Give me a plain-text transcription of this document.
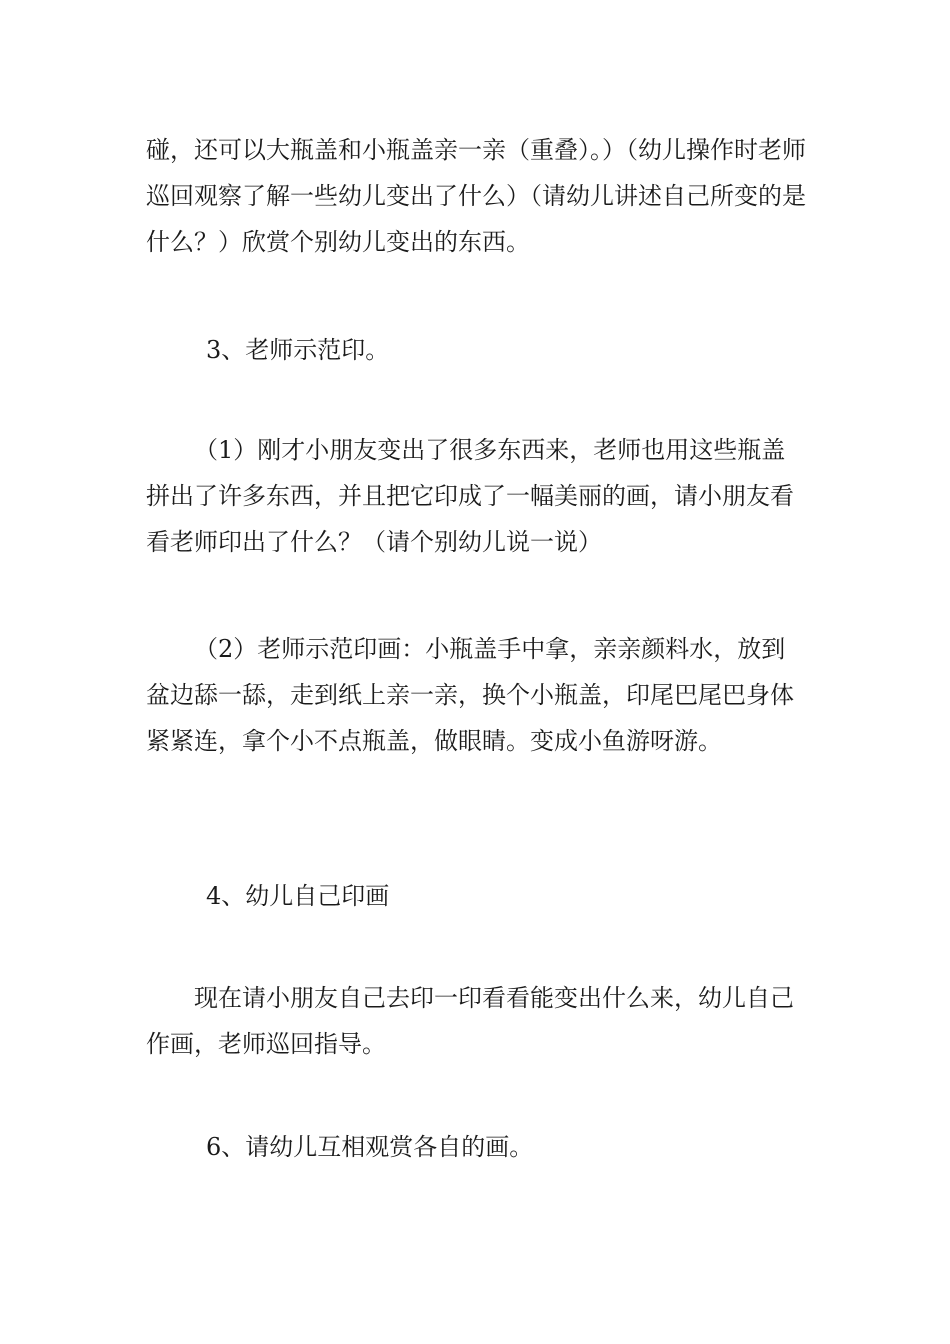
碰，还可以大瓶盖和小瓶盖亲一亲（重叠）。）（幼儿操作时老师巡回观察了解一些幼儿变出了什么）（请幼儿讲述自己所变的是什么？）欣赏个别幼儿变出的东西。

3、老师示范印。

（1）刚才小朋友变出了很多东西来，老师也用这些瓶盖拼出了许多东西，并且把它印成了一幅美丽的画，请小朋友看看老师印出了什么？（请个别幼儿说一说）

（2）老师示范印画：小瓶盖手中拿，亲亲颜料水，放到盆边舔一舔，走到纸上亲一亲，换个小瓶盖，印尾巴尾巴身体紧紧连，拿个小不点瓶盖，做眼睛。变成小鱼游呀游。

4、幼儿自己印画

现在请小朋友自己去印一印看看能变出什么来，幼儿自己作画，老师巡回指导。

6、请幼儿互相观赏各自的画。
